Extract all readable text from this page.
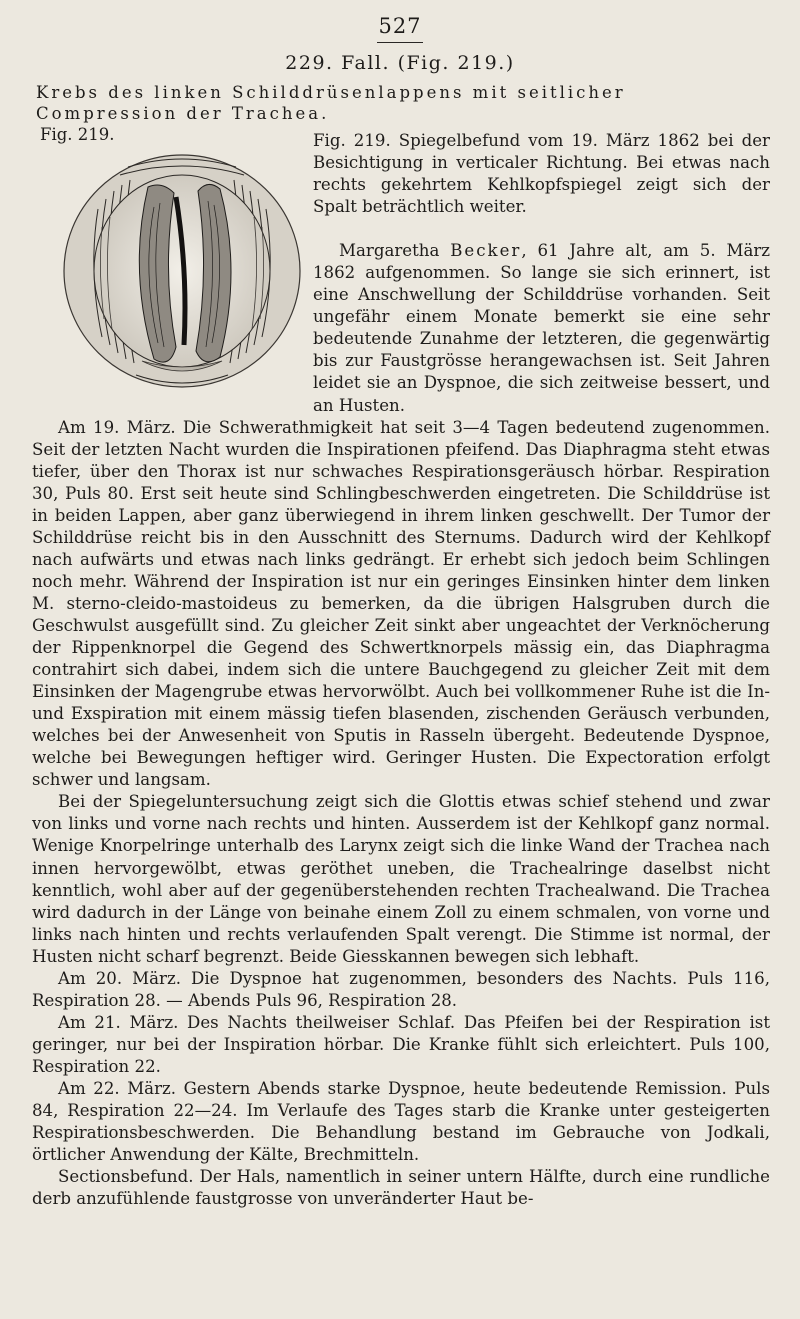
527
229. Fall. (Fig. 219.)

Krebs des linken Schilddrüsenlappens mit seitlicher Compression der Trachea.

Fig. 219.	Fig. 219. Spiegelbefund vom 19. März 1862 bei der Besichtigung in verticaler Richtung. Bei etwas nach rechts gekehrtem Kehlkopfspiegel zeigt sich der Spalt beträchtlich weiter.

Margaretha Becker, 61 Jahre alt, am 5. März 1862 aufgenommen. So lange sie sich erinnert, ist eine Anschwellung der Schilddrüse vorhanden. Seit ungefähr einem Monate bemerkt sie eine sehr bedeutende Zunahme der letzteren, die gegenwärtig bis zur Faustgrösse herangewachsen ist. Seit Jahren leidet sie an Dyspnoe, die sich zeitweise bessert, und an Husten.

Am 19. März. Die Schwerathmigkeit hat seit 3—4 Tagen bedeutend zugenommen. Seit der letzten Nacht wurden die Inspirationen pfeifend. Das Diaphragma steht etwas tiefer, über den Thorax ist nur schwaches Respirationsgeräusch hörbar. Respiration 30, Puls 80. Erst seit heute sind Schlingbeschwerden eingetreten. Die Schilddrüse ist in beiden Lappen, aber ganz überwiegend in ihrem linken geschwellt. Der Tumor der Schilddrüse reicht bis in den Ausschnitt des Sternums. Dadurch wird der Kehlkopf nach aufwärts und etwas nach links gedrängt. Er erhebt sich jedoch beim Schlingen noch mehr. Während der Inspiration ist nur ein geringes Einsinken hinter dem linken M. sterno-cleido-mastoideus zu bemerken, da die übrigen Halsgruben durch die Geschwulst ausgefüllt sind. Zu gleicher Zeit sinkt aber ungeachtet der Verknöcherung der Rippenknorpel die Gegend des Schwertknorpels mässig ein, das Diaphragma contrahirt sich dabei, indem sich die untere Bauchgegend zu gleicher Zeit mit dem Einsinken der Magengrube etwas hervorwölbt. Auch bei vollkommener Ruhe ist die In- und Exspiration mit einem mässig tiefen blasenden, zischenden Geräusch verbunden, welches bei der Anwesenheit von Sputis in Rasseln übergeht. Bedeutende Dyspnoe, welche bei Bewegungen heftiger wird. Geringer Husten. Die Expectoration erfolgt schwer und langsam.

Bei der Spiegeluntersuchung zeigt sich die Glottis etwas schief stehend und zwar von links und vorne nach rechts und hinten. Ausserdem ist der Kehlkopf ganz normal. Wenige Knorpelringe unterhalb des Larynx zeigt sich die linke Wand der Trachea nach innen hervorgewölbt, etwas geröthet uneben, die Trachealringe daselbst nicht kenntlich, wohl aber auf der gegenüberstehenden rechten Trachealwand. Die Trachea wird dadurch in der Länge von beinahe einem Zoll zu einem schmalen, von vorne und links nach hinten und rechts verlaufenden Spalt verengt. Die Stimme ist normal, der Husten nicht scharf begrenzt. Beide Giesskannen bewegen sich lebhaft.

Am 20. März. Die Dyspnoe hat zugenommen, besonders des Nachts. Puls 116, Respiration 28. — Abends Puls 96, Respiration 28.

Am 21. März. Des Nachts theilweiser Schlaf. Das Pfeifen bei der Respiration ist geringer, nur bei der Inspiration hörbar. Die Kranke fühlt sich erleichtert. Puls 100, Respiration 22.

Am 22. März. Gestern Abends starke Dyspnoe, heute bedeutende Remission. Puls 84, Respiration 22—24. Im Verlaufe des Tages starb die Kranke unter gesteigerten Respirationsbeschwerden. Die Behandlung bestand im Gebrauche von Jodkali, örtlicher Anwendung der Kälte, Brechmitteln.

Sectionsbefund. Der Hals, namentlich in seiner untern Hälfte, durch eine rundliche derb anzufühlende faustgrosse von unveränderter Haut be-
